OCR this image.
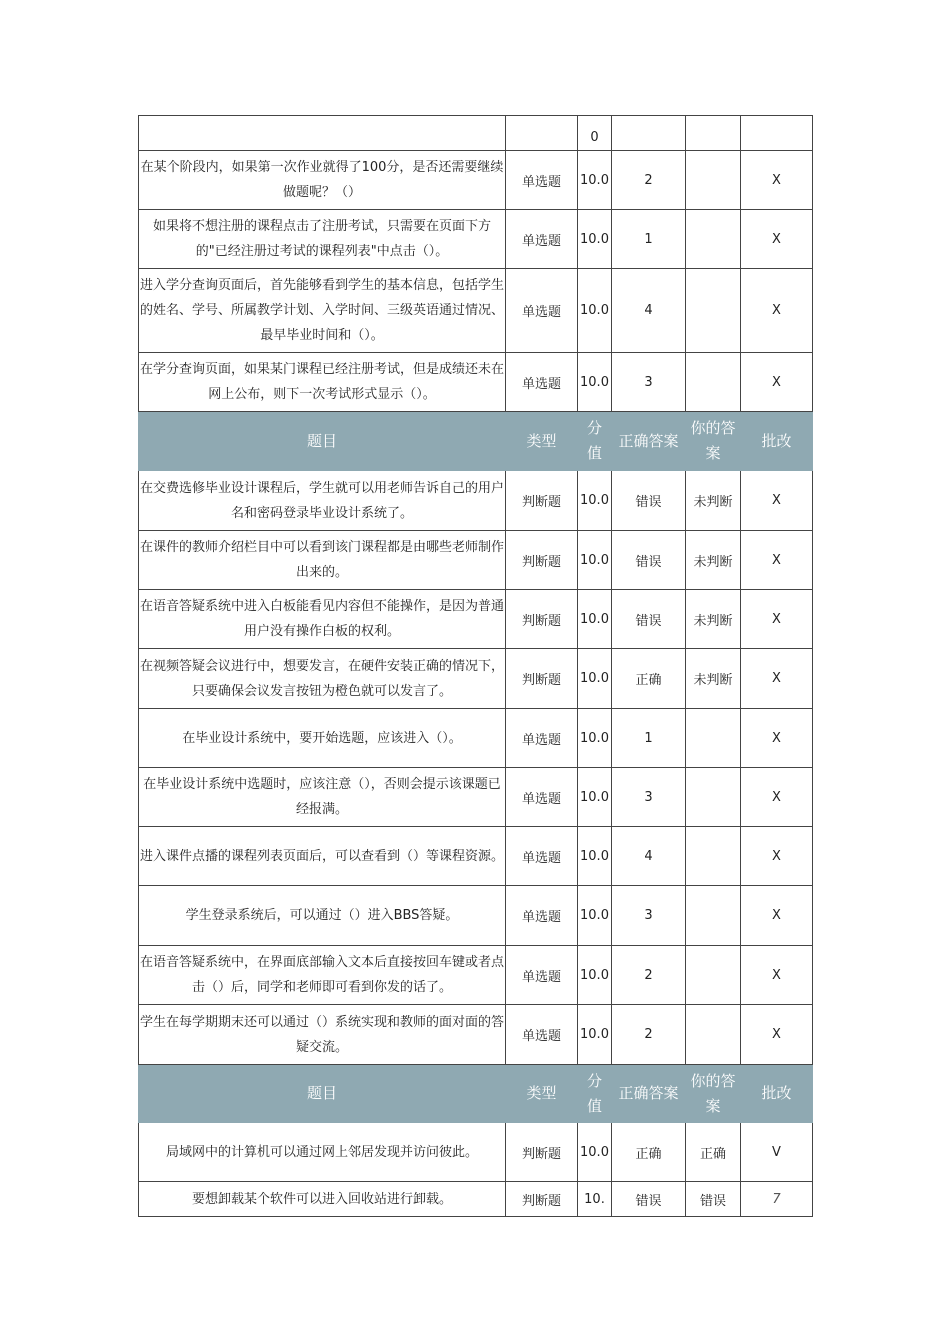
		0			
在某个阶段内，如果第一次作业就得了100分，是否还需要继续做题呢？（）	单选题	10.0	2		X
如果将不想注册的课程点击了注册考试，只需要在页面下方的"已经注册过考试的课程列表"中点击（）。	单选题	10.0	1		X
进入学分查询页面后，首先能够看到学生的基本信息，包括学生的姓名、学号、所属教学计划、入学时间、三级英语通过情况、最早毕业时间和（）。	单选题	10.0	4		X
在学分查询页面，如果某门课程已经注册考试，但是成绩还未在网上公布，则下一次考试形式显示（）。	单选题	10.0	3		X
题目	类型	分值	正确答案	你的答案	批改
在交费选修毕业设计课程后，学生就可以用老师告诉自己的用户名和密码登录毕业设计系统了。	判断题	10.0	错误	未判断	X
在课件的教师介绍栏目中可以看到该门课程都是由哪些老师制作出来的。	判断题	10.0	错误	未判断	X
在语音答疑系统中进入白板能看见内容但不能操作，是因为普通用户没有操作白板的权利。	判断题	10.0	错误	未判断	X
在视频答疑会议进行中，想要发言，在硬件安装正确的情况下，只要确保会议发言按钮为橙色就可以发言了。	判断题	10.0	正确	未判断	X
在毕业设计系统中，要开始选题，应该进入（）。	单选题	10.0	1		X
在毕业设计系统中选题时，应该注意（），否则会提示该课题已经报满。	单选题	10.0	3		X
进入课件点播的课程列表页面后，可以查看到（）等课程资源。	单选题	10.0	4		X
学生登录系统后，可以通过（）进入BBS答疑。	单选题	10.0	3		X
在语音答疑系统中，在界面底部输入文本后直接按回车键或者点击（）后，同学和老师即可看到你发的话了。	单选题	10.0	2		X
学生在每学期期末还可以通过（）系统实现和教师的面对面的答疑交流。	单选题	10.0	2		X
题目	类型	分值	正确答案	你的答案	批改
局域网中的计算机可以通过网上邻居发现并访问彼此。	判断题	10.0	正确	正确	V
要想卸载某个软件可以进入回收站进行卸载。	判断题	10.	错误	错误	7
